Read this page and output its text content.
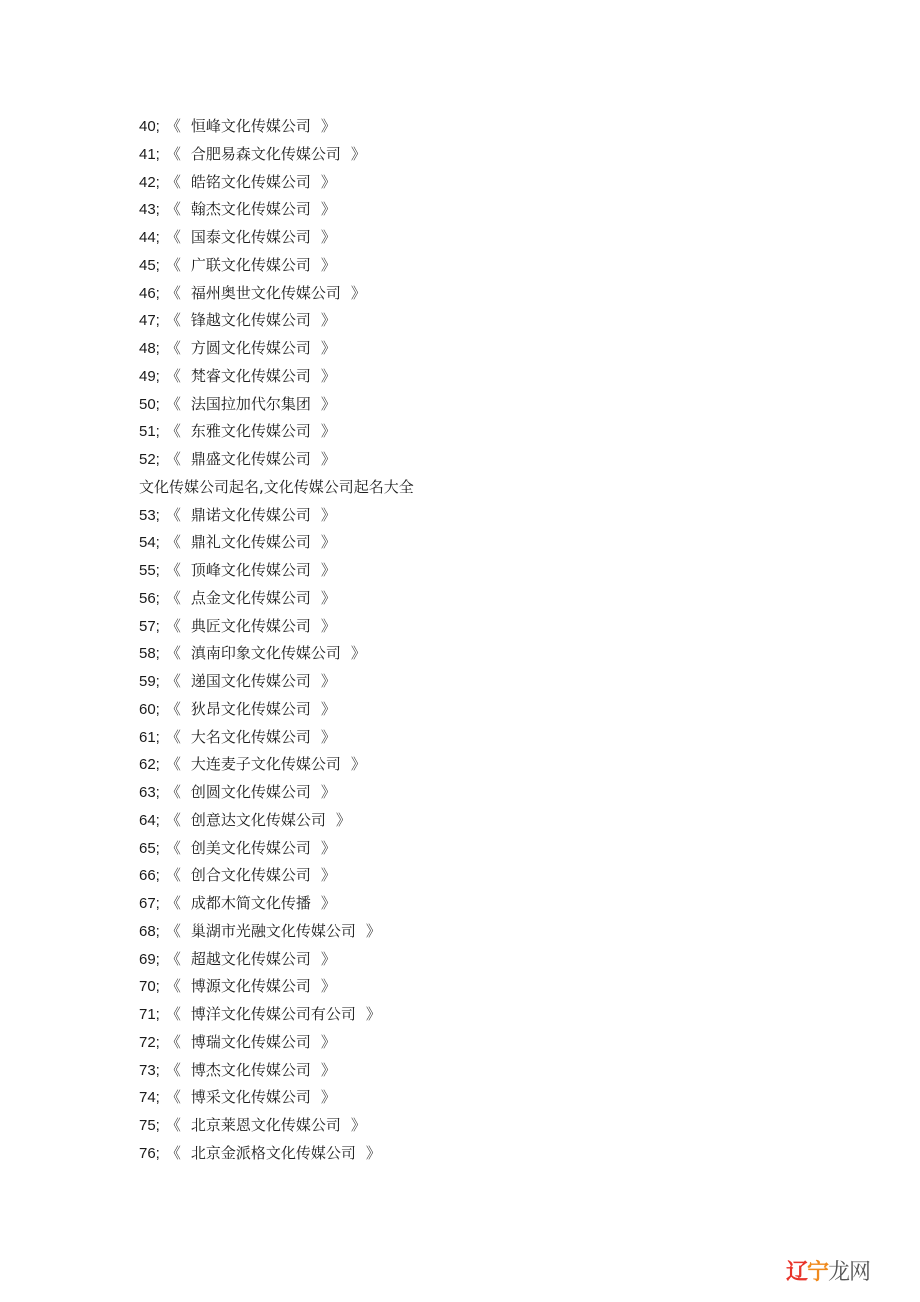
40; 《 恒峰文化传媒公司 》
41; 《 合肥易森文化传媒公司 》
42; 《 皓铭文化传媒公司 》
43; 《 翰杰文化传媒公司 》
44; 《 国泰文化传媒公司 》
45; 《 广联文化传媒公司 》
46; 《 福州奥世文化传媒公司 》
47; 《 锋越文化传媒公司 》
48; 《 方圆文化传媒公司 》
49; 《 梵睿文化传媒公司 》
50; 《 法国拉加代尔集团 》
51; 《 东雅文化传媒公司 》
52; 《 鼎盛文化传媒公司 》
文化传媒公司起名,文化传媒公司起名大全
53; 《 鼎诺文化传媒公司 》
54; 《 鼎礼文化传媒公司 》
55; 《 顶峰文化传媒公司 》
56; 《 点金文化传媒公司 》
57; 《 典匠文化传媒公司 》
58; 《 滇南印象文化传媒公司 》
59; 《 递国文化传媒公司 》
60; 《 狄昂文化传媒公司 》
61; 《 大名文化传媒公司 》
62; 《 大连麦子文化传媒公司 》
63; 《 创圆文化传媒公司 》
64; 《 创意达文化传媒公司 》
65; 《 创美文化传媒公司 》
66; 《 创合文化传媒公司 》
67; 《 成都木简文化传播 》
68; 《 巢湖市光融文化传媒公司 》
69; 《 超越文化传媒公司 》
70; 《 博源文化传媒公司 》
71; 《 博洋文化传媒公司有公司 》
72; 《 博瑞文化传媒公司 》
73; 《 博杰文化传媒公司 》
74; 《 博采文化传媒公司 》
75; 《 北京莱恩文化传媒公司 》
76; 《 北京金派格文化传媒公司 》
辽宁龙网
